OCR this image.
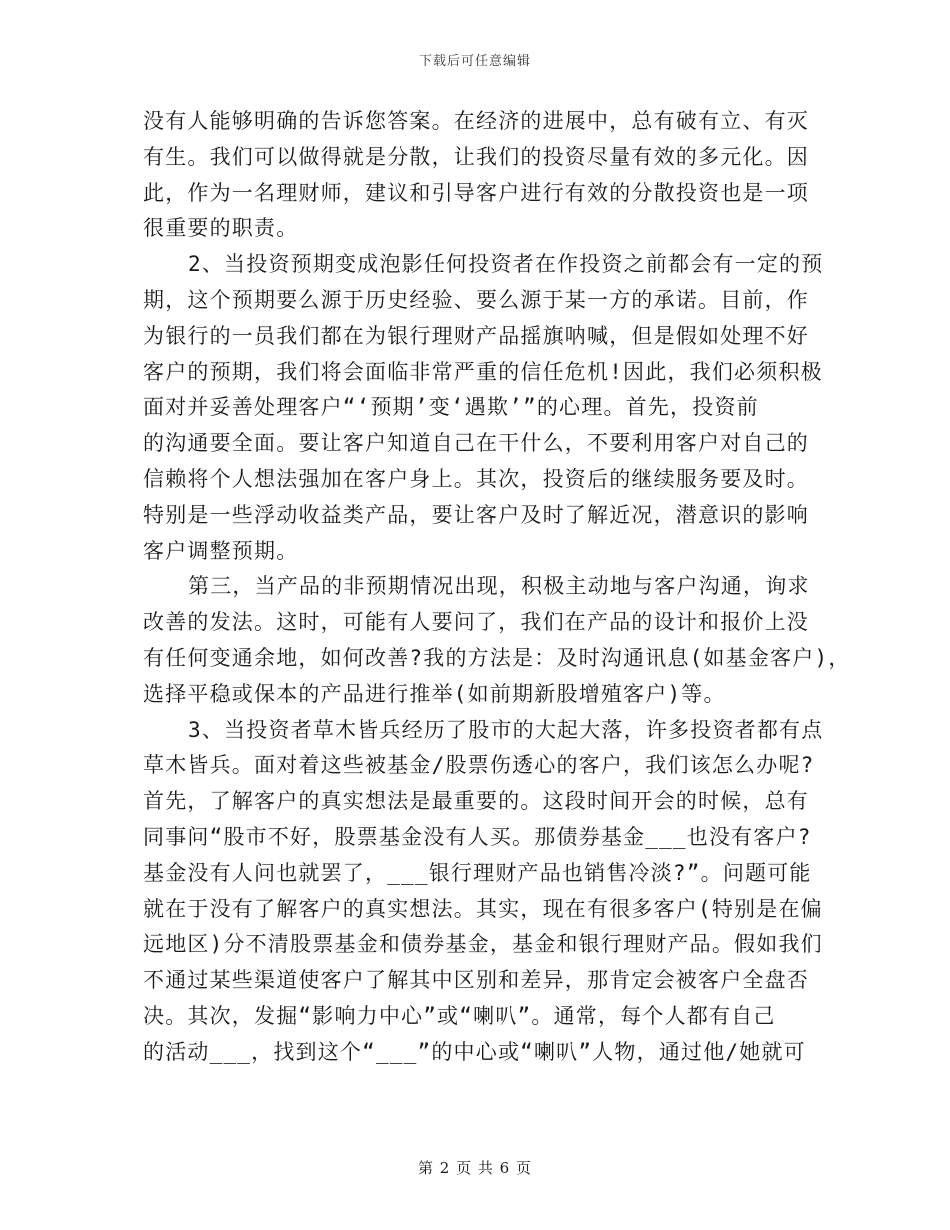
下载后可任意编辑
没有人能够明确的告诉您答案。在经济的进展中，总有破有立、有灭
有生。我们可以做得就是分散，让我们的投资尽量有效的多元化。因
此，作为一名理财师，建议和引导客户进行有效的分散投资也是一项
很重要的职责。
2、当投资预期变成泡影任何投资者在作投资之前都会有一定的预
期，这个预期要么源于历史经验、要么源于某一方的承诺。目前，作
为银行的一员我们都在为银行理财产品摇旗呐喊，但是假如处理不好
客户的预期，我们将会面临非常严重的信任危机!因此，我们必须积极
面对并妥善处理客户“‘预期’变‘遇欺’”的心理。首先，投资前
的沟通要全面。要让客户知道自己在干什么，不要利用客户对自己的
信赖将个人想法强加在客户身上。其次，投资后的继续服务要及时。
特别是一些浮动收益类产品，要让客户及时了解近况，潜意识的影响
客户调整预期。
第三，当产品的非预期情况出现，积极主动地与客户沟通，询求
改善的发法。这时，可能有人要问了，我们在产品的设计和报价上没
有任何变通余地，如何改善?我的方法是：及时沟通讯息(如基金客户)，
选择平稳或保本的产品进行推举(如前期新股增殖客户)等。
3、当投资者草木皆兵经历了股市的大起大落，许多投资者都有点
草木皆兵。面对着这些被基金/股票伤透心的客户，我们该怎么办呢?
首先，了解客户的真实想法是最重要的。这段时间开会的时候，总有
同事问“股市不好，股票基金没有人买。那债券基金___也没有客户?
基金没有人问也就罢了，___银行理财产品也销售冷淡?”。问题可能
就在于没有了解客户的真实想法。其实，现在有很多客户(特别是在偏
远地区)分不清股票基金和债券基金，基金和银行理财产品。假如我们
不通过某些渠道使客户了解其中区别和差异，那肯定会被客户全盘否
决。其次，发掘“影响力中心”或“喇叭”。通常，每个人都有自己
的活动___，找到这个“___”的中心或“喇叭”人物，通过他/她就可
第 2 页 共 6 页
